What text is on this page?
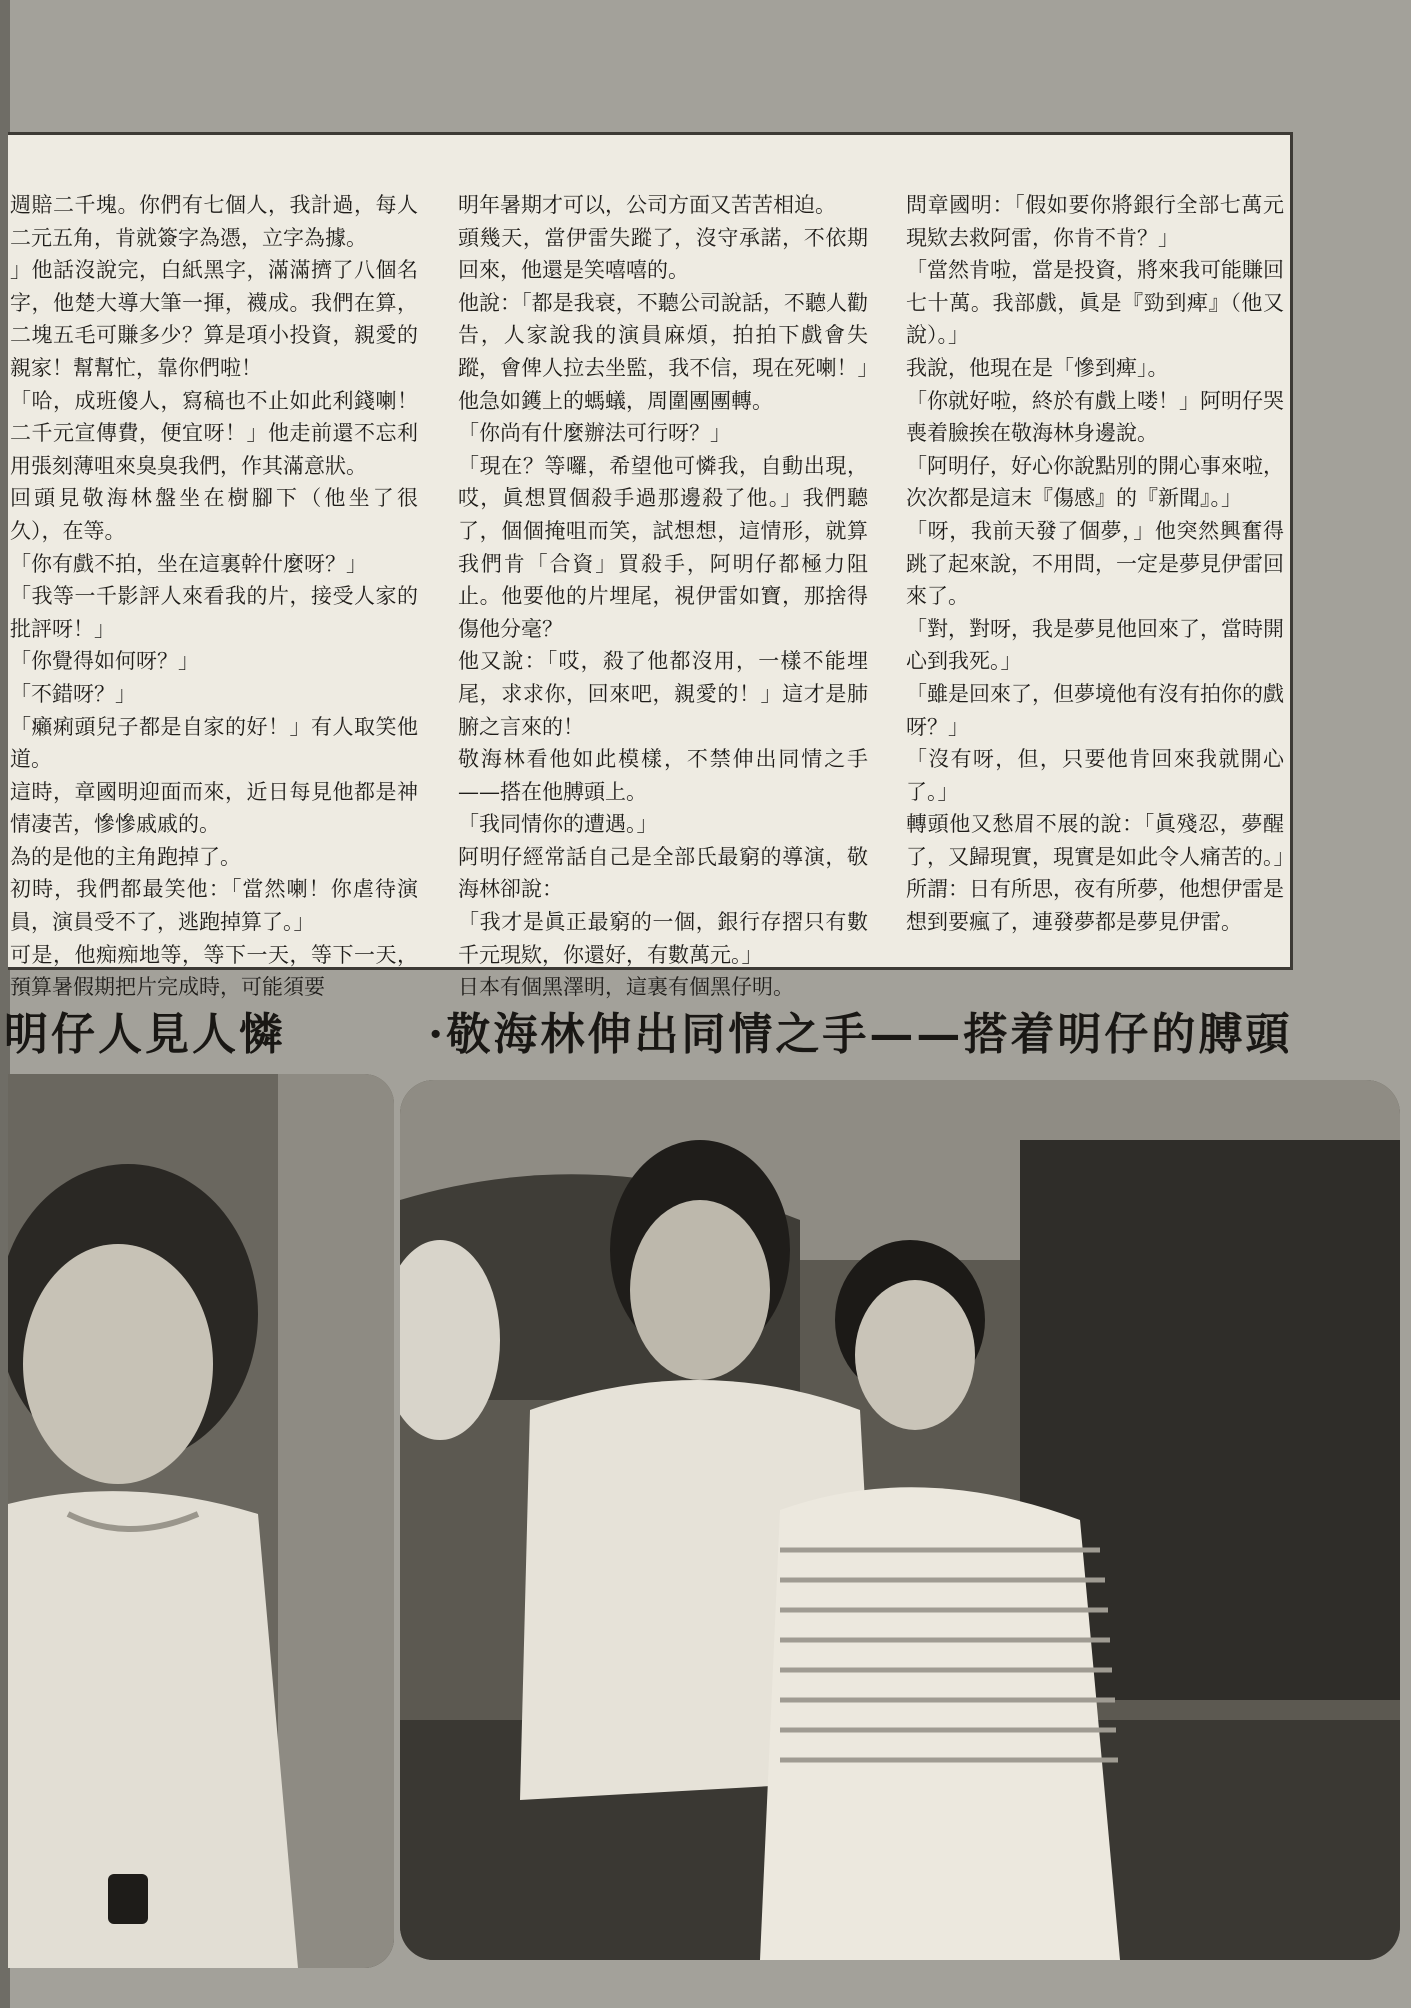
週賠二千塊。你們有七個人，我計過，每人二元五角，肯就簽字為憑，立字為據。

」他話沒說完，白紙黑字，滿滿擠了八個名字，他楚大導大筆一揮，襪成。我們在算，二塊五毛可賺多少？算是項小投資，親愛的親家！幫幫忙，靠你們啦！

「哈，成班傻人，寫稿也不止如此利錢喇！二千元宣傳費，便宜呀！」他走前還不忘利用張刻薄咀來臭臭我們，作其滿意狀。

回頭見敬海林盤坐在樹腳下（他坐了很久），在等。

「你有戲不拍，坐在這裏幹什麼呀？」

「我等一千影評人來看我的片，接受人家的批評呀！」

「你覺得如何呀？」

「不錯呀？」

「癩痢頭兒子都是自家的好！」有人取笑他道。

這時，章國明迎面而來，近日每見他都是神情凄苦，慘慘戚戚的。

為的是他的主角跑掉了。

初時，我們都最笑他：「當然喇！你虐待演員，演員受不了，逃跑掉算了。」

可是，他痴痴地等，等下一天，等下一天，預算暑假期把片完成時，可能須要

明年暑期才可以，公司方面又苦苦相迫。

頭幾天，當伊雷失蹤了，沒守承諾，不依期回來，他還是笑嘻嘻的。

他說：「都是我衰，不聽公司說話，不聽人勸告，人家說我的演員麻煩，拍拍下戲會失蹤，會俾人拉去坐監，我不信，現在死喇！」他急如鑊上的螞蟻，周圍團團轉。

「你尚有什麼辦法可行呀？」

「現在？等囉，希望他可憐我，自動出現，哎，眞想買個殺手過那邊殺了他。」我們聽了，個個掩咀而笑，試想想，這情形，就算我們肯「合資」買殺手，阿明仔都極力阻止。他要他的片埋尾，視伊雷如寶，那捨得傷他分毫？

他又說：「哎，殺了他都沒用，一樣不能埋尾，求求你，回來吧，親愛的！」這才是肺腑之言來的！

敬海林看他如此模樣，不禁伸出同情之手——搭在他膊頭上。

「我同情你的遭遇。」

阿明仔經常話自己是全部氏最窮的導演，敬海林卻說：

「我才是眞正最窮的一個，銀行存摺只有數千元現欵，你還好，有數萬元。」

日本有個黑澤明，這裏有個黑仔明。

問章國明：「假如要你將銀行全部七萬元現欵去救阿雷，你肯不肯？」

「當然肯啦，當是投資，將來我可能賺回七十萬。我部戲，眞是『勁到痺』（他又說）。」

我說，他現在是「慘到痺」。

「你就好啦，終於有戲上喽！」阿明仔哭喪着臉挨在敬海林身邊說。

「阿明仔，好心你說點別的開心事來啦，次次都是這末『傷感』的『新聞』。」

「呀，我前天發了個夢，」他突然興奮得跳了起來說，不用問，一定是夢見伊雷回來了。

「對，對呀，我是夢見他回來了，當時開心到我死。」

「雖是回來了，但夢境他有沒有拍你的戲呀？」

「沒有呀，但，只要他肯回來我就開心了。」

轉頭他又愁眉不展的說：「眞殘忍，夢醒了，又歸現實，現實是如此令人痛苦的。」

所謂：日有所思，夜有所夢，他想伊雷是想到要瘋了，連發夢都是夢見伊雷。

明仔人見人憐	·敬海林伸出同情之手——搭着明仔的膊頭
